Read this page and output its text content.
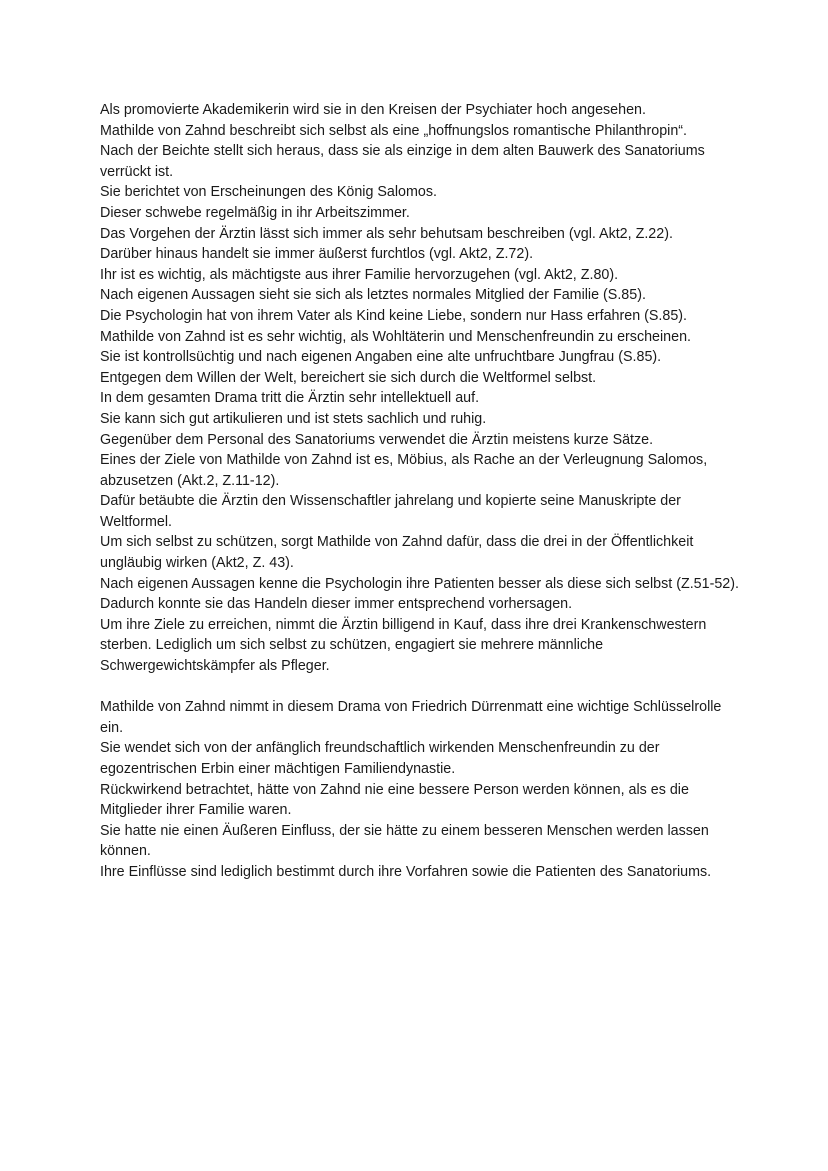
Als promovierte Akademikerin wird sie in den Kreisen der Psychiater hoch angesehen.

Mathilde von Zahnd beschreibt sich selbst als eine „hoffnungslos romantische Philanthropin“.

Nach der Beichte stellt sich heraus, dass sie als einzige in dem alten Bauwerk des Sanatoriums verrückt ist.

Sie berichtet von Erscheinungen des König Salomos.

Dieser schwebe regelmäßig in ihr Arbeitszimmer.

Das Vorgehen der Ärztin lässt sich immer als sehr behutsam beschreiben (vgl. Akt2, Z.22).

Darüber hinaus handelt sie immer äußerst furchtlos (vgl. Akt2, Z.72).

Ihr ist es wichtig, als mächtigste aus ihrer Familie hervorzugehen (vgl. Akt2, Z.80).

Nach eigenen Aussagen sieht sie sich als letztes normales Mitglied der Familie (S.85).

Die Psychologin hat von ihrem Vater als Kind keine Liebe, sondern nur Hass erfahren (S.85).

Mathilde von Zahnd ist es sehr wichtig, als Wohltäterin und Menschenfreundin zu erscheinen.

Sie ist kontrollsüchtig und nach eigenen Angaben eine alte unfruchtbare Jungfrau (S.85).

Entgegen dem Willen der Welt, bereichert sie sich durch die Weltformel selbst.

In dem gesamten Drama tritt die Ärztin sehr intellektuell auf.

Sie kann sich gut artikulieren und ist stets sachlich und ruhig.

Gegenüber dem Personal des Sanatoriums verwendet die Ärztin meistens kurze Sätze.

Eines der Ziele von Mathilde von Zahnd ist es, Möbius, als Rache an der Verleugnung Salomos, abzusetzen (Akt.2, Z.11-12).

Dafür betäubte die Ärztin den Wissenschaftler jahrelang und kopierte seine Manuskripte der Weltformel.

Um sich selbst zu schützen, sorgt Mathilde von Zahnd dafür, dass die drei in der Öffentlichkeit ungläubig wirken (Akt2, Z. 43).

Nach eigenen Aussagen kenne die Psychologin ihre Patienten besser als diese sich selbst (Z.51-52).

Dadurch konnte sie das Handeln dieser immer entsprechend vorhersagen.

Um ihre Ziele zu erreichen, nimmt die Ärztin billigend in Kauf, dass ihre drei Krankenschwestern sterben. Lediglich um sich selbst zu schützen, engagiert sie mehrere männliche Schwergewichtskämpfer als Pfleger.

Mathilde von Zahnd nimmt in diesem Drama von Friedrich Dürrenmatt eine wichtige Schlüsselrolle ein.

Sie wendet sich von der anfänglich freundschaftlich wirkenden Menschenfreundin zu der egozentrischen Erbin einer mächtigen Familiendynastie.

Rückwirkend betrachtet, hätte von Zahnd nie eine bessere Person werden können, als es die Mitglieder ihrer Familie waren.

Sie hatte nie einen Äußeren Einfluss, der sie hätte zu einem besseren Menschen werden lassen können.

Ihre Einflüsse sind lediglich bestimmt durch ihre Vorfahren sowie die Patienten des Sanatoriums.
